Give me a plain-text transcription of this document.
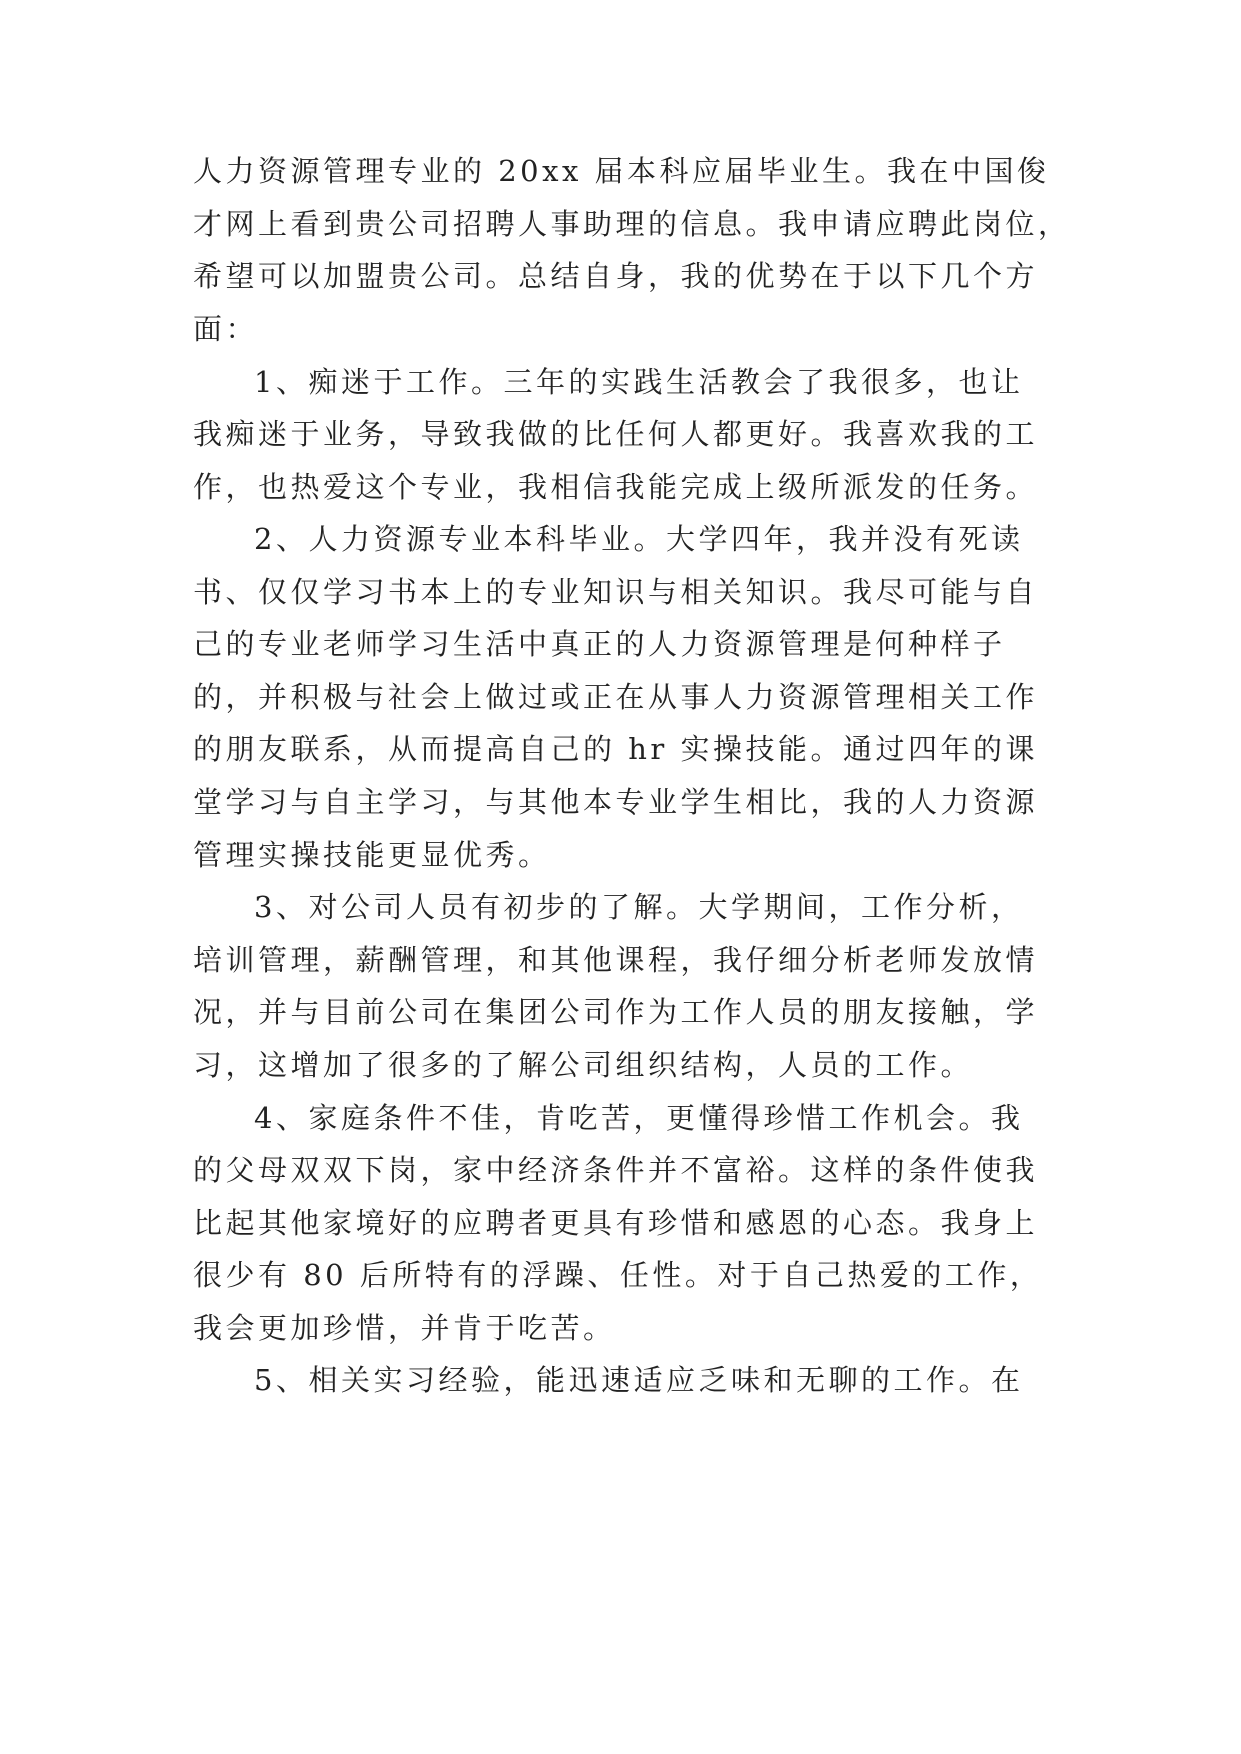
人力资源管理专业的 20xx 届本科应届毕业生。我在中国俊
才网上看到贵公司招聘人事助理的信息。我申请应聘此岗位，
希望可以加盟贵公司。总结自身，我的优势在于以下几个方
面：
1、痴迷于工作。三年的实践生活教会了我很多，也让
我痴迷于业务，导致我做的比任何人都更好。我喜欢我的工
作，也热爱这个专业，我相信我能完成上级所派发的任务。
2、人力资源专业本科毕业。大学四年，我并没有死读
书、仅仅学习书本上的专业知识与相关知识。我尽可能与自
己的专业老师学习生活中真正的人力资源管理是何种样子
的，并积极与社会上做过或正在从事人力资源管理相关工作
的朋友联系，从而提高自己的 hr 实操技能。通过四年的课
堂学习与自主学习，与其他本专业学生相比，我的人力资源
管理实操技能更显优秀。
3、对公司人员有初步的了解。大学期间，工作分析，
培训管理，薪酬管理，和其他课程，我仔细分析老师发放情
况，并与目前公司在集团公司作为工作人员的朋友接触，学
习，这增加了很多的了解公司组织结构，人员的工作。
4、家庭条件不佳，肯吃苦，更懂得珍惜工作机会。我
的父母双双下岗，家中经济条件并不富裕。这样的条件使我
比起其他家境好的应聘者更具有珍惜和感恩的心态。我身上
很少有 80 后所特有的浮躁、任性。对于自己热爱的工作，
我会更加珍惜，并肯于吃苦。
5、相关实习经验，能迅速适应乏味和无聊的工作。在
